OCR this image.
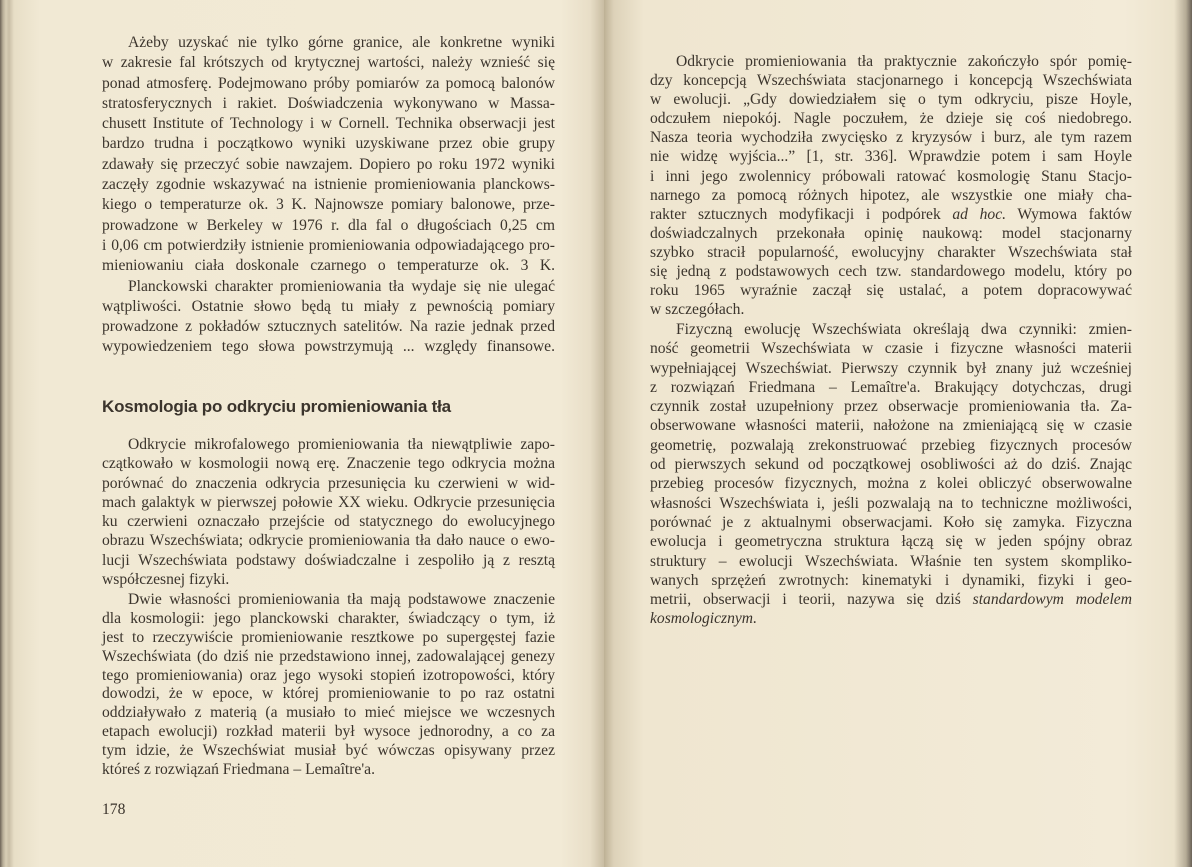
Ażeby uzyskać nie tylko górne granice, ale konkretne wyniki
w zakresie fal krótszych od krytycznej wartości, należy wznieść się
ponad atmosferę. Podejmowano próby pomiarów za pomocą balonów
stratosferycznych i rakiet. Doświadczenia wykonywano w Massa-
chusett Institute of Technology i w Cornell. Technika obserwacji jest
bardzo trudna i początkowo wyniki uzyskiwane przez obie grupy
zdawały się przeczyć sobie nawzajem. Dopiero po roku 1972 wyniki
zaczęły zgodnie wskazywać na istnienie promieniowania planckows-
kiego o temperaturze ok. 3 K. Najnowsze pomiary balonowe, prze-
prowadzone w Berkeley w 1976 r. dla fal o długościach 0,25 cm
i 0,06 cm potwierdziły istnienie promieniowania odpowiadającego pro-
mieniowaniu ciała doskonale czarnego o temperaturze ok. 3 K.
Planckowski charakter promieniowania tła wydaje się nie ulegać
wątpliwości. Ostatnie słowo będą tu miały z pewnością pomiary
prowadzone z pokładów sztucznych satelitów. Na razie jednak przed
wypowiedzeniem tego słowa powstrzymują ... względy finansowe.
Kosmologia po odkryciu promieniowania tła
Odkrycie mikrofalowego promieniowania tła niewątpliwie zapo-
czątkowało w kosmologii nową erę. Znaczenie tego odkrycia można
porównać do znaczenia odkrycia przesunięcia ku czerwieni w wid-
mach galaktyk w pierwszej połowie XX wieku. Odkrycie przesunięcia
ku czerwieni oznaczało przejście od statycznego do ewolucyjnego
obrazu Wszechświata; odkrycie promieniowania tła dało nauce o ewo-
lucji Wszechświata podstawy doświadczalne i zespoliło ją z resztą
współczesnej fizyki.
Dwie własności promieniowania tła mają podstawowe znaczenie
dla kosmologii: jego planckowski charakter, świadczący o tym, iż
jest to rzeczywiście promieniowanie resztkowe po supergęstej fazie
Wszechświata (do dziś nie przedstawiono innej, zadowalającej genezy
tego promieniowania) oraz jego wysoki stopień izotropowości, który
dowodzi, że w epoce, w której promieniowanie to po raz ostatni
oddziaływało z materią (a musiało to mieć miejsce we wczesnych
etapach ewolucji) rozkład materii był wysoce jednorodny, a co za
tym idzie, że Wszechświat musiał być wówczas opisywany przez
któreś z rozwiązań Friedmana – Lemaître'a.
178
Odkrycie promieniowania tła praktycznie zakończyło spór pomię-
dzy koncepcją Wszechświata stacjonarnego i koncepcją Wszechświata
w ewolucji. „Gdy dowiedziałem się o tym odkryciu, pisze Hoyle,
odczułem niepokój. Nagle poczułem, że dzieje się coś niedobrego.
Nasza teoria wychodziła zwycięsko z kryzysów i burz, ale tym razem
nie widzę wyjścia...” [1, str. 336]. Wprawdzie potem i sam Hoyle
i inni jego zwolennicy próbowali ratować kosmologię Stanu Stacjo-
narnego za pomocą różnych hipotez, ale wszystkie one miały cha-
rakter sztucznych modyfikacji i podpórek ad hoc. Wymowa faktów
doświadczalnych przekonała opinię naukową: model stacjonarny
szybko stracił popularność, ewolucyjny charakter Wszechświata stał
się jedną z podstawowych cech tzw. standardowego modelu, który po
roku 1965 wyraźnie zaczął się ustalać, a potem dopracowywać
w szczegółach.
Fizyczną ewolucję Wszechświata określają dwa czynniki: zmien-
ność geometrii Wszechświata w czasie i fizyczne własności materii
wypełniającej Wszechświat. Pierwszy czynnik był znany już wcześniej
z rozwiązań Friedmana – Lemaître'a. Brakujący dotychczas, drugi
czynnik został uzupełniony przez obserwacje promieniowania tła. Za-
obserwowane własności materii, nałożone na zmieniającą się w czasie
geometrię, pozwalają zrekonstruować przebieg fizycznych procesów
od pierwszych sekund od początkowej osobliwości aż do dziś. Znając
przebieg procesów fizycznych, można z kolei obliczyć obserwowalne
własności Wszechświata i, jeśli pozwalają na to techniczne możliwości,
porównać je z aktualnymi obserwacjami. Koło się zamyka. Fizyczna
ewolucja i geometryczna struktura łączą się w jeden spójny obraz
struktury – ewolucji Wszechświata. Właśnie ten system skompliko-
wanych sprzężeń zwrotnych: kinematyki i dynamiki, fizyki i geo-
metrii, obserwacji i teorii, nazywa się dziś standardowym modelem
kosmologicznym.
